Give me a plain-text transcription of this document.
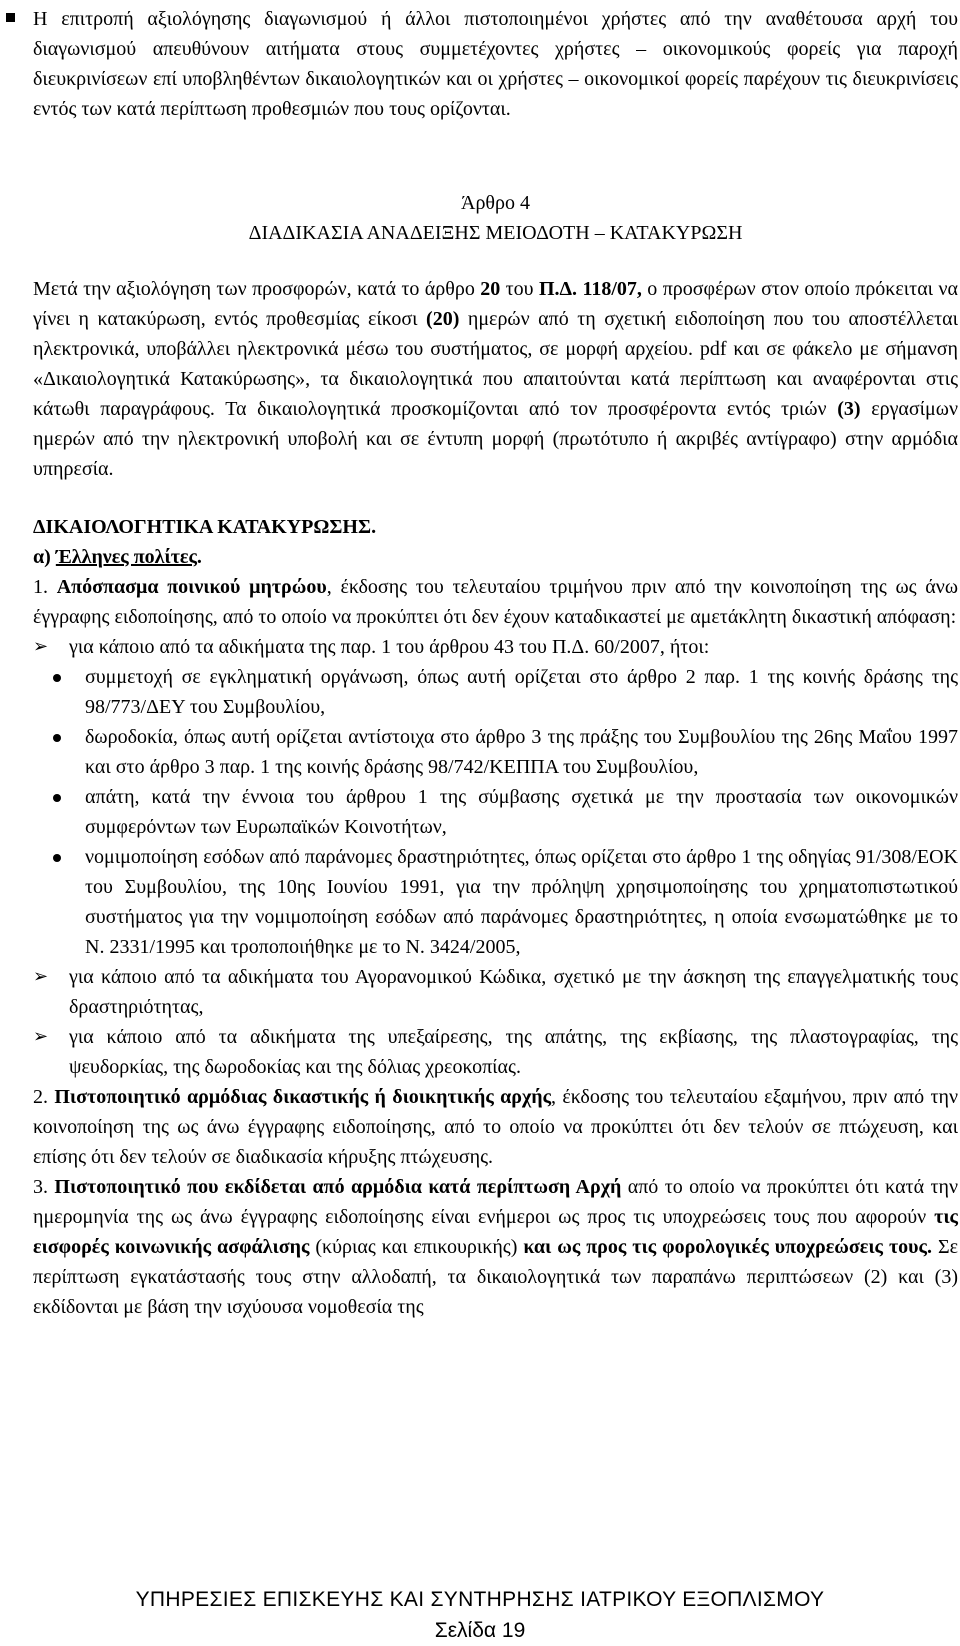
Η επιτροπή αξιολόγησης διαγωνισμού ή άλλοι πιστοποιημένοι χρήστες από την αναθέτουσα αρχή του διαγωνισμού απευθύνουν αιτήματα στους συμμετέχοντες χρήστες – οικονομικούς φορείς για παροχή διευκρινίσεων επί υποβληθέντων δικαιολογητικών και οι χρήστες – οικονομικοί φορείς παρέχουν τις διευκρινίσεις εντός των κατά περίπτωση προθεσμιών που τους ορίζονται.

Άρθρο 4

ΔΙΑΔΙΚΑΣΙΑ ΑΝΑΔΕΙΞΗΣ ΜΕΙΟΔΟΤΗ – ΚΑΤΑΚΥΡΩΣΗ

Μετά την αξιολόγηση των προσφορών, κατά το άρθρο 20 του Π.Δ. 118/07, ο προσφέρων στον οποίο πρόκειται να γίνει η κατακύρωση, εντός προθεσμίας είκοσι (20) ημερών από τη σχετική ειδοποίηση που του αποστέλλεται ηλεκτρονικά, υποβάλλει ηλεκτρονικά μέσω του συστήματος, σε μορφή αρχείου. pdf και σε φάκελο με σήμανση «Δικαιολογητικά Κατακύρωσης», τα δικαιολογητικά που απαιτούνται κατά περίπτωση και αναφέρονται στις κάτωθι παραγράφους. Τα δικαιολογητικά προσκομίζονται από τον προσφέροντα εντός τριών (3) εργασίμων ημερών από την ηλεκτρονική υποβολή και σε έντυπη μορφή (πρωτότυπο ή ακριβές αντίγραφο) στην αρμόδια υπηρεσία.

ΔΙΚΑΙΟΛΟΓΗΤΙΚΑ ΚΑΤΑΚΥΡΩΣΗΣ.

α) Έλληνες πολίτες.

1. Απόσπασμα ποινικού μητρώου, έκδοσης του τελευταίου τριμήνου πριν από την κοινοποίηση της ως άνω έγγραφης ειδοποίησης, από το οποίο να προκύπτει ότι δεν έχουν καταδικαστεί με αμετάκλητη δικαστική απόφαση:

➢ για κάποιο από τα αδικήματα της παρ. 1 του άρθρου 43 του Π.Δ. 60/2007, ήτοι:

συμμετοχή σε εγκληματική οργάνωση, όπως αυτή ορίζεται στο άρθρο 2 παρ. 1 της κοινής δράσης της 98/773/ΔΕΥ του Συμβουλίου,

δωροδοκία, όπως αυτή ορίζεται αντίστοιχα στο άρθρο 3 της πράξης του Συμβουλίου της 26ης Μαΐου 1997 και στο άρθρο 3 παρ. 1 της κοινής δράσης 98/742/ΚΕΠΠΑ του Συμβουλίου,

απάτη, κατά την έννοια του άρθρου 1 της σύμβασης σχετικά με την προστασία των οικονομικών συμφερόντων των Ευρωπαϊκών Κοινοτήτων,

νομιμοποίηση εσόδων από παράνομες δραστηριότητες, όπως ορίζεται στο άρθρο 1 της οδηγίας 91/308/ΕΟΚ του Συμβουλίου, της 10ης Ιουνίου 1991, για την πρόληψη χρησιμοποίησης του χρηματοπιστωτικού συστήματος για την νομιμοποίηση εσόδων από παράνομες δραστηριότητες, η οποία ενσωματώθηκε με το Ν. 2331/1995 και τροποποιήθηκε με το Ν. 3424/2005,

➢ για κάποιο από τα αδικήματα του Αγορανομικού Κώδικα, σχετικό με την άσκηση της επαγγελματικής τους δραστηριότητας,

➢ για κάποιο από τα αδικήματα της υπεξαίρεσης, της απάτης, της εκβίασης, της πλαστογραφίας, της ψευδορκίας, της δωροδοκίας και της δόλιας χρεοκοπίας.

2. Πιστοποιητικό αρμόδιας δικαστικής ή διοικητικής αρχής, έκδοσης του τελευταίου εξαμήνου, πριν από την κοινοποίηση της ως άνω έγγραφης ειδοποίησης, από το οποίο να προκύπτει ότι δεν τελούν σε πτώχευση, και επίσης ότι δεν τελούν σε διαδικασία κήρυξης πτώχευσης.

3. Πιστοποιητικό που εκδίδεται από αρμόδια κατά περίπτωση Αρχή από το οποίο να προκύπτει ότι κατά την ημερομηνία της ως άνω έγγραφης ειδοποίησης είναι ενήμεροι ως προς τις υποχρεώσεις τους που αφορούν τις εισφορές κοινωνικής ασφάλισης (κύριας και επικουρικής) και ως προς τις φορολογικές υποχρεώσεις τους. Σε περίπτωση εγκατάστασής τους στην αλλοδαπή, τα δικαιολογητικά των παραπάνω περιπτώσεων (2) και (3) εκδίδονται με βάση την ισχύουσα νομοθεσία της

ΥΠΗΡΕΣΙΕΣ ΕΠΙΣΚΕΥΗΣ ΚΑΙ ΣΥΝΤΗΡΗΣΗΣ ΙΑΤΡΙΚΟΥ ΕΞΟΠΛΙΣΜΟΥ
Σελίδα 19
